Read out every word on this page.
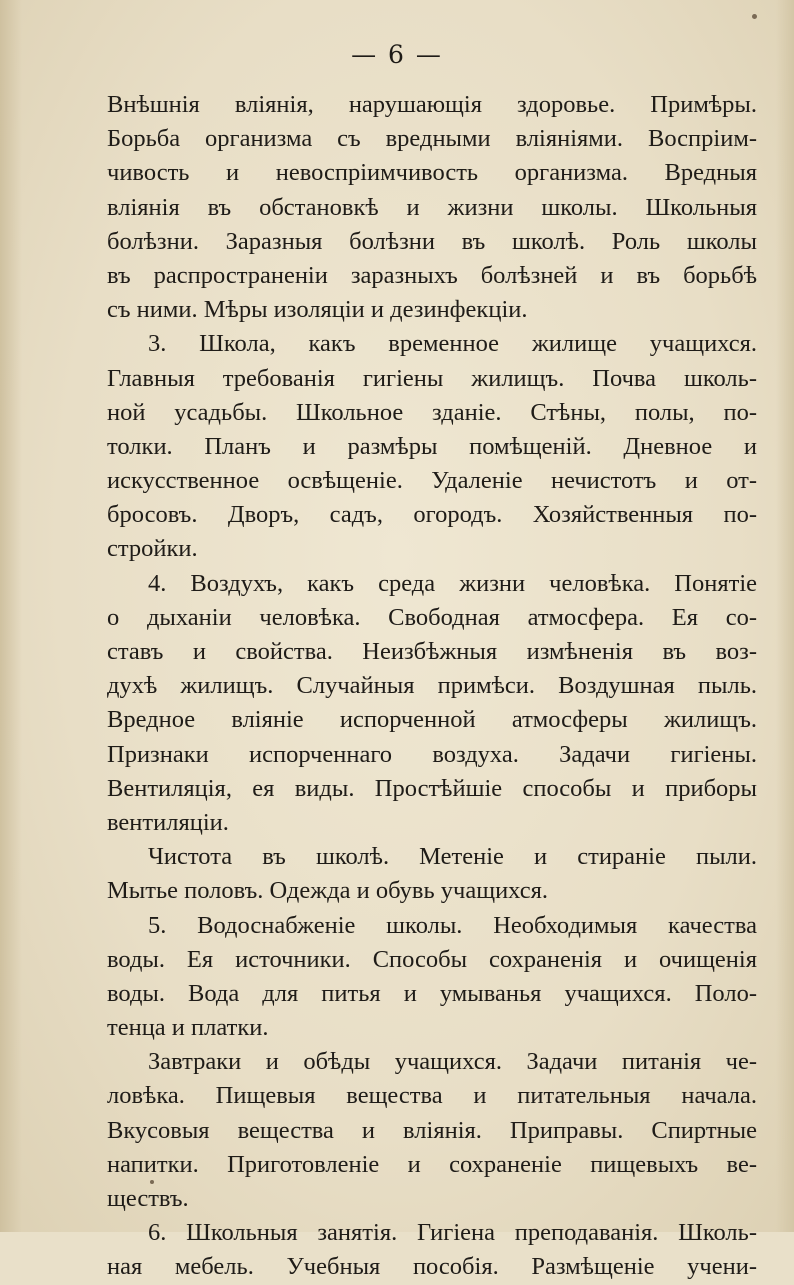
— 6 —
Внѣшнія вліянія, нарушающія здоровье. Примѣры.
Борьба организма съ вредными вліяніями. Воспріим-
чивость и невоспріимчивость организма. Вредныя
вліянія въ обстановкѣ и жизни школы. Школьныя
болѣзни. Заразныя болѣзни въ школѣ. Роль школы
въ распространеніи заразныхъ болѣзней и въ борьбѣ
съ ними. Мѣры изоляціи и дезинфекціи.
3. Школа, какъ временное жилище учащихся.
Главныя требованія гигіены жилищъ. Почва школь-
ной усадьбы. Школьное зданіе. Стѣны, полы, по-
толки. Планъ и размѣры помѣщеній. Дневное и
искусственное освѣщеніе. Удаленіе нечистотъ и от-
бросовъ. Дворъ, садъ, огородъ. Хозяйственныя по-
стройки.
4. Воздухъ, какъ среда жизни человѣка. Понятіе
о дыханіи человѣка. Свободная атмосфера. Ея со-
ставъ и свойства. Неизбѣжныя измѣненія въ воз-
духѣ жилищъ. Случайныя примѣси. Воздушная пыль.
Вредное вліяніе испорченной атмосферы жилищъ.
Признаки испорченнаго воздуха. Задачи гигіены.
Вентиляція, ея виды. Простѣйшіе способы и приборы
вентиляціи.
Чистота въ школѣ. Метеніе и стираніе пыли.
Мытье половъ. Одежда и обувь учащихся.
5. Водоснабженіе школы. Необходимыя качества
воды. Ея источники. Способы сохраненія и очищенія
воды. Вода для питья и умыванья учащихся. Поло-
тенца и платки.
Завтраки и обѣды учащихся. Задачи питанія че-
ловѣка. Пищевыя вещества и питательныя начала.
Вкусовыя вещества и вліянія. Приправы. Спиртные
напитки. Приготовленіе и сохраненіе пищевыхъ ве-
ществъ.
6. Школьныя занятія. Гигіена преподаванія. Школь-
ная мебель. Учебныя пособія. Размѣщеніе учени-
